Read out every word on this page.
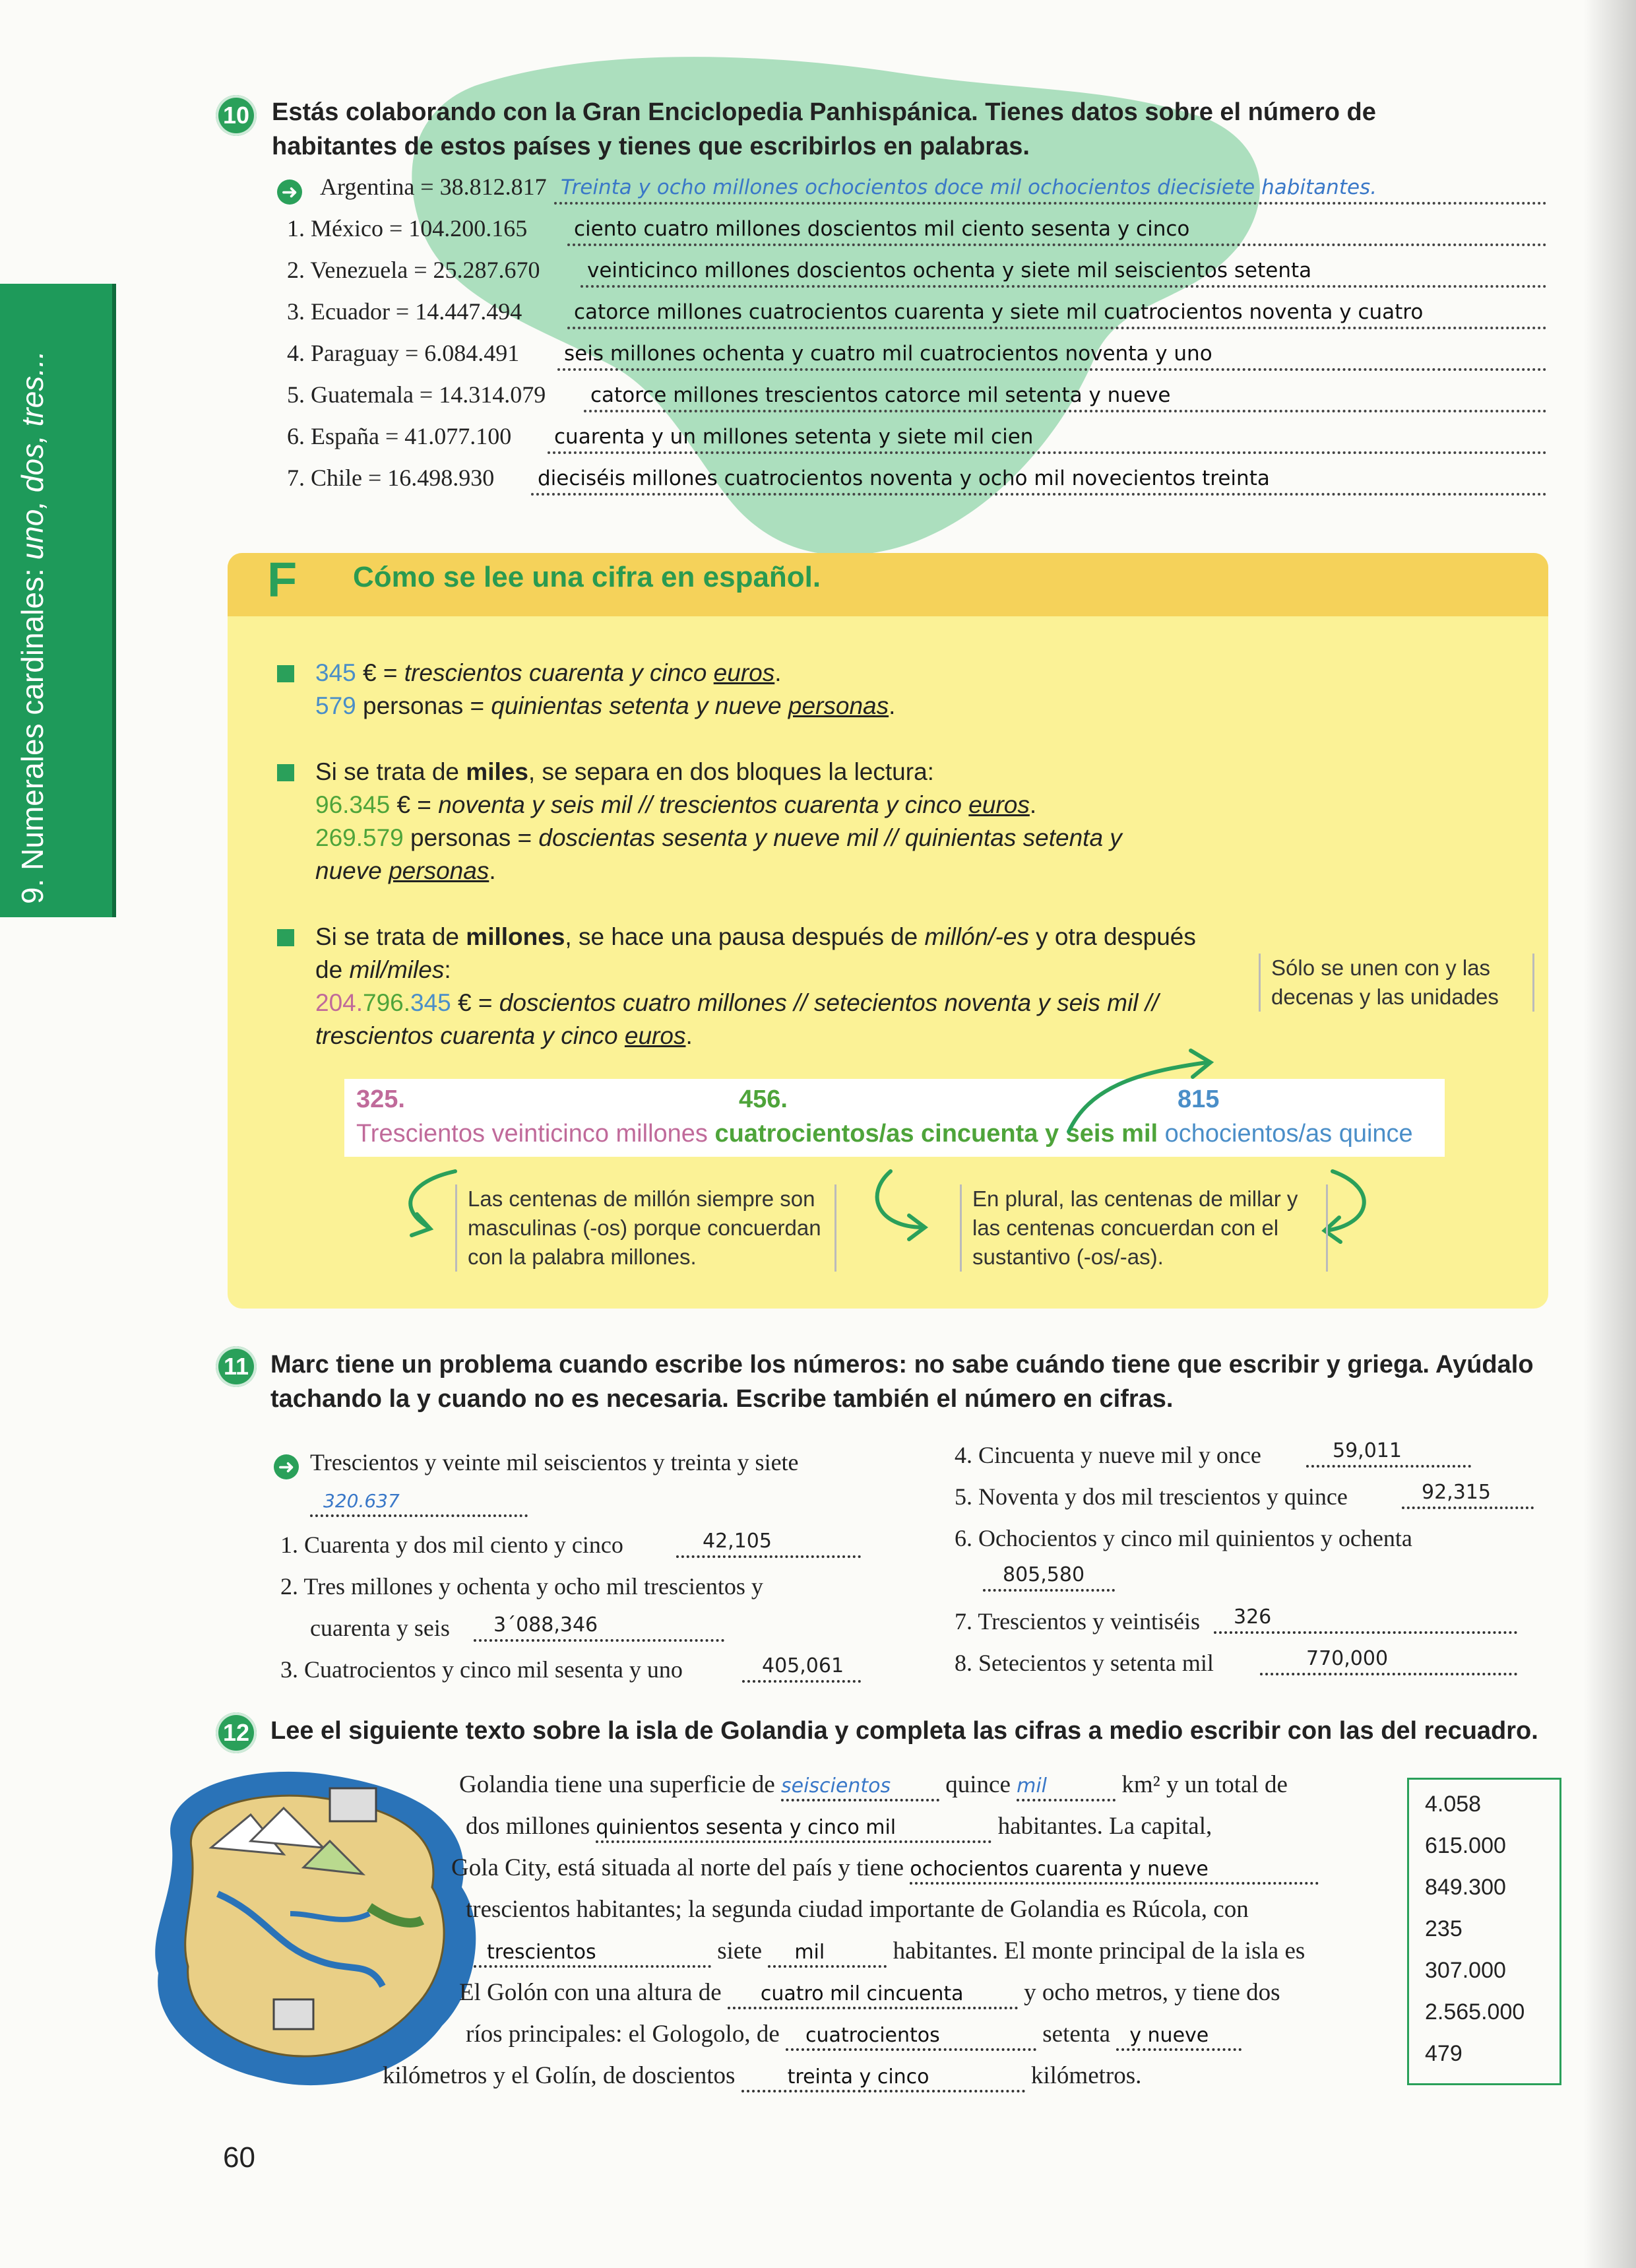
9. Numerales cardinales: uno, dos, tres...
10 Estás colaborando con la Gran Enciclopedia Panhispánica. Tienes datos sobre el número de habitantes de estos países y tienes que escribirlos en palabras.
➜ Argentina = 38.812.817 Treinta y ocho millones ochocientos doce mil ochocientos diecisiete habitantes.
1. México = 104.200.165 ciento cuatro millones doscientos mil ciento sesenta y cinco
2. Venezuela = 25.287.670 veinticinco millones doscientos ochenta y siete mil seiscientos setenta
3. Ecuador = 14.447.494	catorce millones cuatrocientos cuarenta y siete mil cuatrocientos noventa y cuatro
4. Paraguay = 6.084.491 seis millones ochenta y cuatro mil cuatrocientos noventa y uno
5. Guatemala = 14.314.079 catorce millones trescientos catorce mil setenta y nueve
6. España = 41.077.100 cuarenta y un millones setenta y siete mil cien
7. Chile = 16.498.930 dieciséis millones cuatrocientos noventa y ocho mil novecientos treinta
F Cómo se lee una cifra en español.
345 € = trescientos cuarenta y cinco euros.
579 personas = quinientas setenta y nueve personas.
Si se trata de miles, se separa en dos bloques la lectura:
96.345 € = noventa y seis mil // trescientos cuarenta y cinco euros.
269.579 personas = doscientas sesenta y nueve mil // quinientas setenta y
nueve personas.
Si se trata de millones, se hace una pausa después de millón/-es y otra después
de mil/miles:
204.796.345 € = doscientos cuatro millones // setecientos noventa y seis mil //
trescientos cuarenta y cinco euros.
Sólo se unen con y las decenas y las unidades
325.	456.	815
Trescientos veinticinco millones cuatrocientos/as cincuenta y seis mil ochocientos/as quince
Las centenas de millón siempre son masculinas (-os) porque concuerdan con la palabra millones.
En plural, las centenas de millar y las centenas concuerdan con el sustantivo (-os/-as).
11 Marc tiene un problema cuando escribe los números: no sabe cuándo tiene que escribir y griega. Ayúdalo
tachando la y cuando no es necesaria. Escribe también el número en cifras.
➜ Trescientos y veinte mil seiscientos y treinta y siete
320.637
1. Cuarenta y dos mil ciento y cinco	42,105
2. Tres millones y ochenta y ocho mil trescientos y
cuarenta y seis 3´088,346
3. Cuatrocientos y cinco mil sesenta y uno	405,061
4. Cincuenta y nueve mil y once	59,011
5. Noventa y dos mil trescientos y quince	92,315
6. Ochocientos y cinco mil quinientos y ochenta
805,580
7. Trescientos y veintiséis 326
8. Setecientos y setenta mil	770,000
12 Lee el siguiente texto sobre la isla de Golandia y completa las cifras a medio escribir con las del recuadro.
Golandia tiene una superficie de seiscientos quince mil	km² y un total de
dos millones quinientos sesenta y cinco mil	habitantes. La capital,
Gola City, está situada al norte del país y tiene ochocientos cuarenta y nueve
trescientos habitantes; la segunda ciudad importante de Golandia es Rúcola, con
trescientos	siete mil	habitantes. El monte principal de la isla es
El Golón con una altura de cuatro mil cincuenta y ocho metros, y tiene dos
ríos principales: el Gologolo, de cuatrocientos	setenta y nueve
kilómetros y el Golín, de doscientos treinta y cinco	kilómetros.
4.058
615.000
849.300
235
307.000
2.565.000
479
60
